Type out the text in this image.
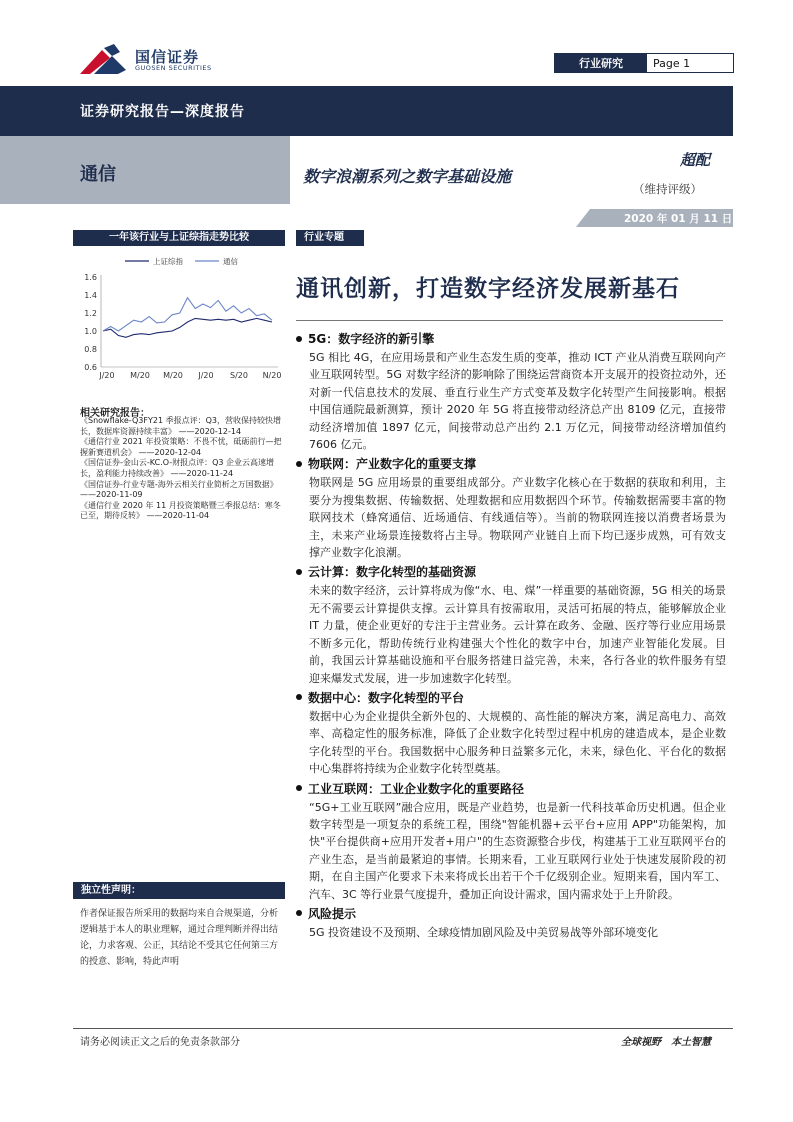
国信证券
GUOSEN SECURITIES	行业研究	Page 1
证券研究报告—深度报告
通信	数字浪潮系列之数字基础设施
超配
（维持评级）
2020 年 01 月 11 日
一年该行业与上证综指走势比较
1.6
1.4
1.2
1.0
0.8
0.6
J/20 M/20 M/20 J/20 S/20 N/20
上证综指	通信
相关研究报告：

《Snowflake-Q3FY21 季报点评：Q3，营收保持较快增长，数据库资源持续丰富》 ——2020-12-14

《通信行业 2021 年投资策略：不畏不忧，砥砺前行—把握新赛道机会》 ——2020-12-04

《国信证券-金山云-KC.O-财报点评：Q3 企业云高速增长，盈利能力持续改善》 ——2020-11-24

《国信证券-行业专题-海外云相关行业简析之万国数据》 ——2020-11-09

《通信行业 2020 年 11 月投资策略暨三季报总结：寒冬已至，期待反转》 ——2020-11-04

独立性声明：
作者保证报告所采用的数据均来自合规渠道，分析逻辑基于本人的职业理解，通过合理判断并得出结论，力求客观、公正，其结论不受其它任何第三方的授意、影响，特此声明
行业专题
通讯创新，打造数字经济发展新基石
5G：数字经济的新引擎

5G 相比 4G，在应用场景和产业生态发生质的变革，推动 ICT 产业从消费互联网向产业互联网转型。5G 对数字经济的影响除了围绕运营商资本开支展开的投资拉动外，还对新一代信息技术的发展、垂直行业生产方式变革及数字化转型产生间接影响。根据中国信通院最新测算，预计 2020 年 5G 将直接带动经济总产出 8109 亿元，直接带动经济增加值 1897 亿元，间接带动总产出约 2.1 万亿元，间接带动经济增加值约 7606 亿元。

物联网：产业数字化的重要支撑

物联网是 5G 应用场景的重要组成部分。产业数字化核心在于数据的获取和利用，主要分为搜集数据、传输数据、处理数据和应用数据四个环节。传输数据需要丰富的物联网技术（蜂窝通信、近场通信、有线通信等）。当前的物联网连接以消费者场景为主，未来产业场景连接数将占主导。物联网产业链自上而下均已逐步成熟，可有效支撑产业数字化浪潮。

云计算：数字化转型的基础资源

未来的数字经济，云计算将成为像“水、电、煤”一样重要的基础资源，5G 相关的场景无不需要云计算提供支撑。云计算具有按需取用，灵活可拓展的特点，能够解放企业 IT 力量，使企业更好的专注于主营业务。云计算在政务、金融、医疗等行业应用场景不断多元化，帮助传统行业构建强大个性化的数字中台，加速产业智能化发展。目前，我国云计算基础设施和平台服务搭建日益完善，未来，各行各业的软件服务有望迎来爆发式发展，进一步加速数字化转型。

数据中心：数字化转型的平台

数据中心为企业提供全新外包的、大规模的、高性能的解决方案，满足高电力、高效率、高稳定性的服务标准，降低了企业数字化转型过程中机房的建造成本，是企业数字化转型的平台。我国数据中心服务种日益繁多元化，未来，绿色化、平台化的数据中心集群将持续为企业数字化转型奠基。

工业互联网：工业企业数字化的重要路径

“5G+工业互联网”融合应用，既是产业趋势，也是新一代科技革命历史机遇。但企业数字转型是一项复杂的系统工程，围绕"智能机器+云平台+应用 APP"功能架构，加快"平台提供商+应用开发者+用户"的生态资源整合步伐，构建基于工业互联网平台的产业生态，是当前最紧迫的事情。长期来看，工业互联网行业处于快速发展阶段的初期，在自主国产化要求下未来将成长出若干个千亿级别企业。短期来看，国内军工、汽车、3C 等行业景气度提升，叠加正向设计需求，国内需求处于上升阶段。

风险提示

5G 投资建设不及预期、全球疫情加剧风险及中美贸易战等外部环境变化

请务必阅读正文之后的免责条款部分	全球视野　本土智慧
